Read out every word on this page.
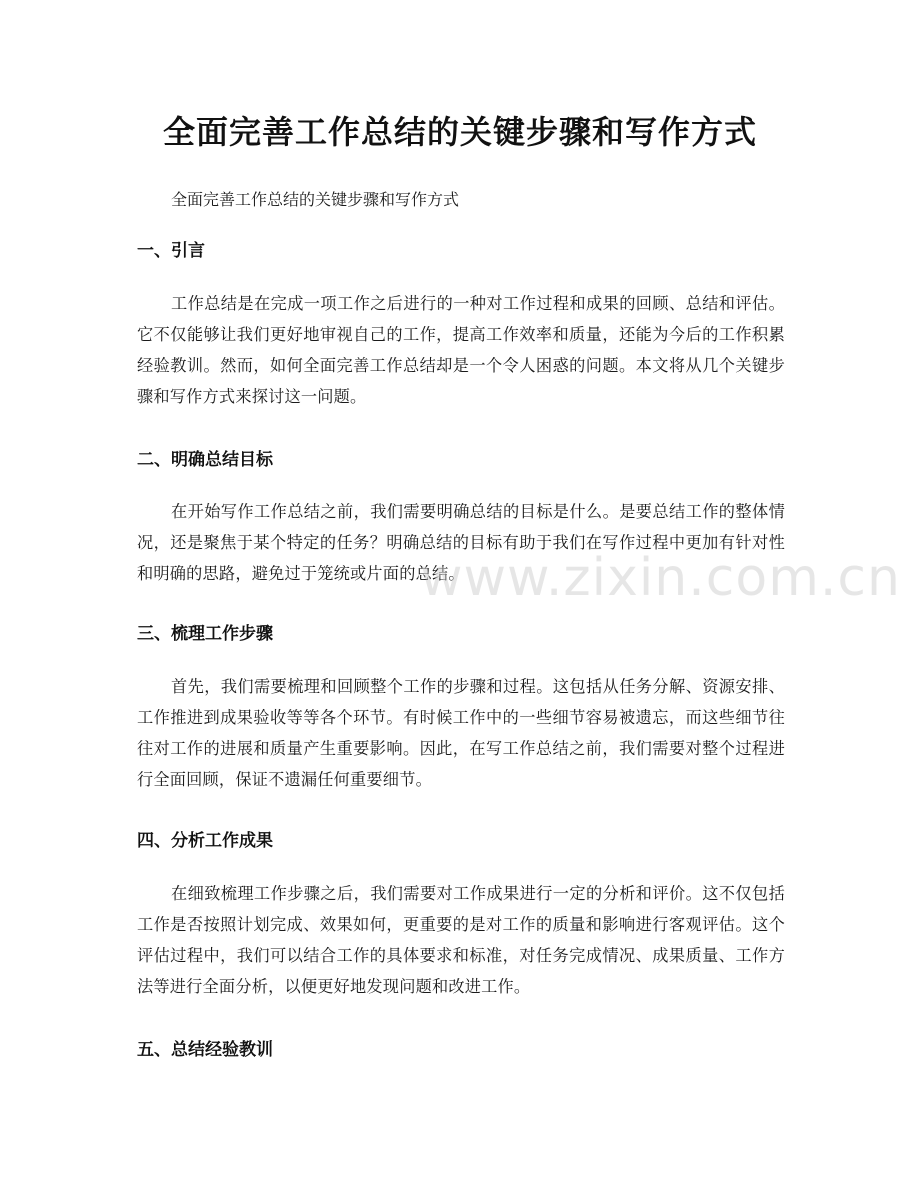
全面完善工作总结的关键步骤和写作方式

全面完善工作总结的关键步骤和写作方式

一、引言

工作总结是在完成一项工作之后进行的一种对工作过程和成果的回顾、总结和评估。它不仅能够让我们更好地审视自己的工作，提高工作效率和质量，还能为今后的工作积累经验教训。然而，如何全面完善工作总结却是一个令人困惑的问题。本文将从几个关键步骤和写作方式来探讨这一问题。

二、明确总结目标

在开始写作工作总结之前，我们需要明确总结的目标是什么。是要总结工作的整体情况，还是聚焦于某个特定的任务？明确总结的目标有助于我们在写作过程中更加有针对性和明确的思路，避免过于笼统或片面的总结。

三、梳理工作步骤

首先，我们需要梳理和回顾整个工作的步骤和过程。这包括从任务分解、资源安排、工作推进到成果验收等等各个环节。有时候工作中的一些细节容易被遗忘，而这些细节往往对工作的进展和质量产生重要影响。因此，在写工作总结之前，我们需要对整个过程进行全面回顾，保证不遗漏任何重要细节。

四、分析工作成果

在细致梳理工作步骤之后，我们需要对工作成果进行一定的分析和评价。这不仅包括工作是否按照计划完成、效果如何，更重要的是对工作的质量和影响进行客观评估。这个评估过程中，我们可以结合工作的具体要求和标准，对任务完成情况、成果质量、工作方法等进行全面分析，以便更好地发现问题和改进工作。

五、总结经验教训
www.zixin.com.cn
